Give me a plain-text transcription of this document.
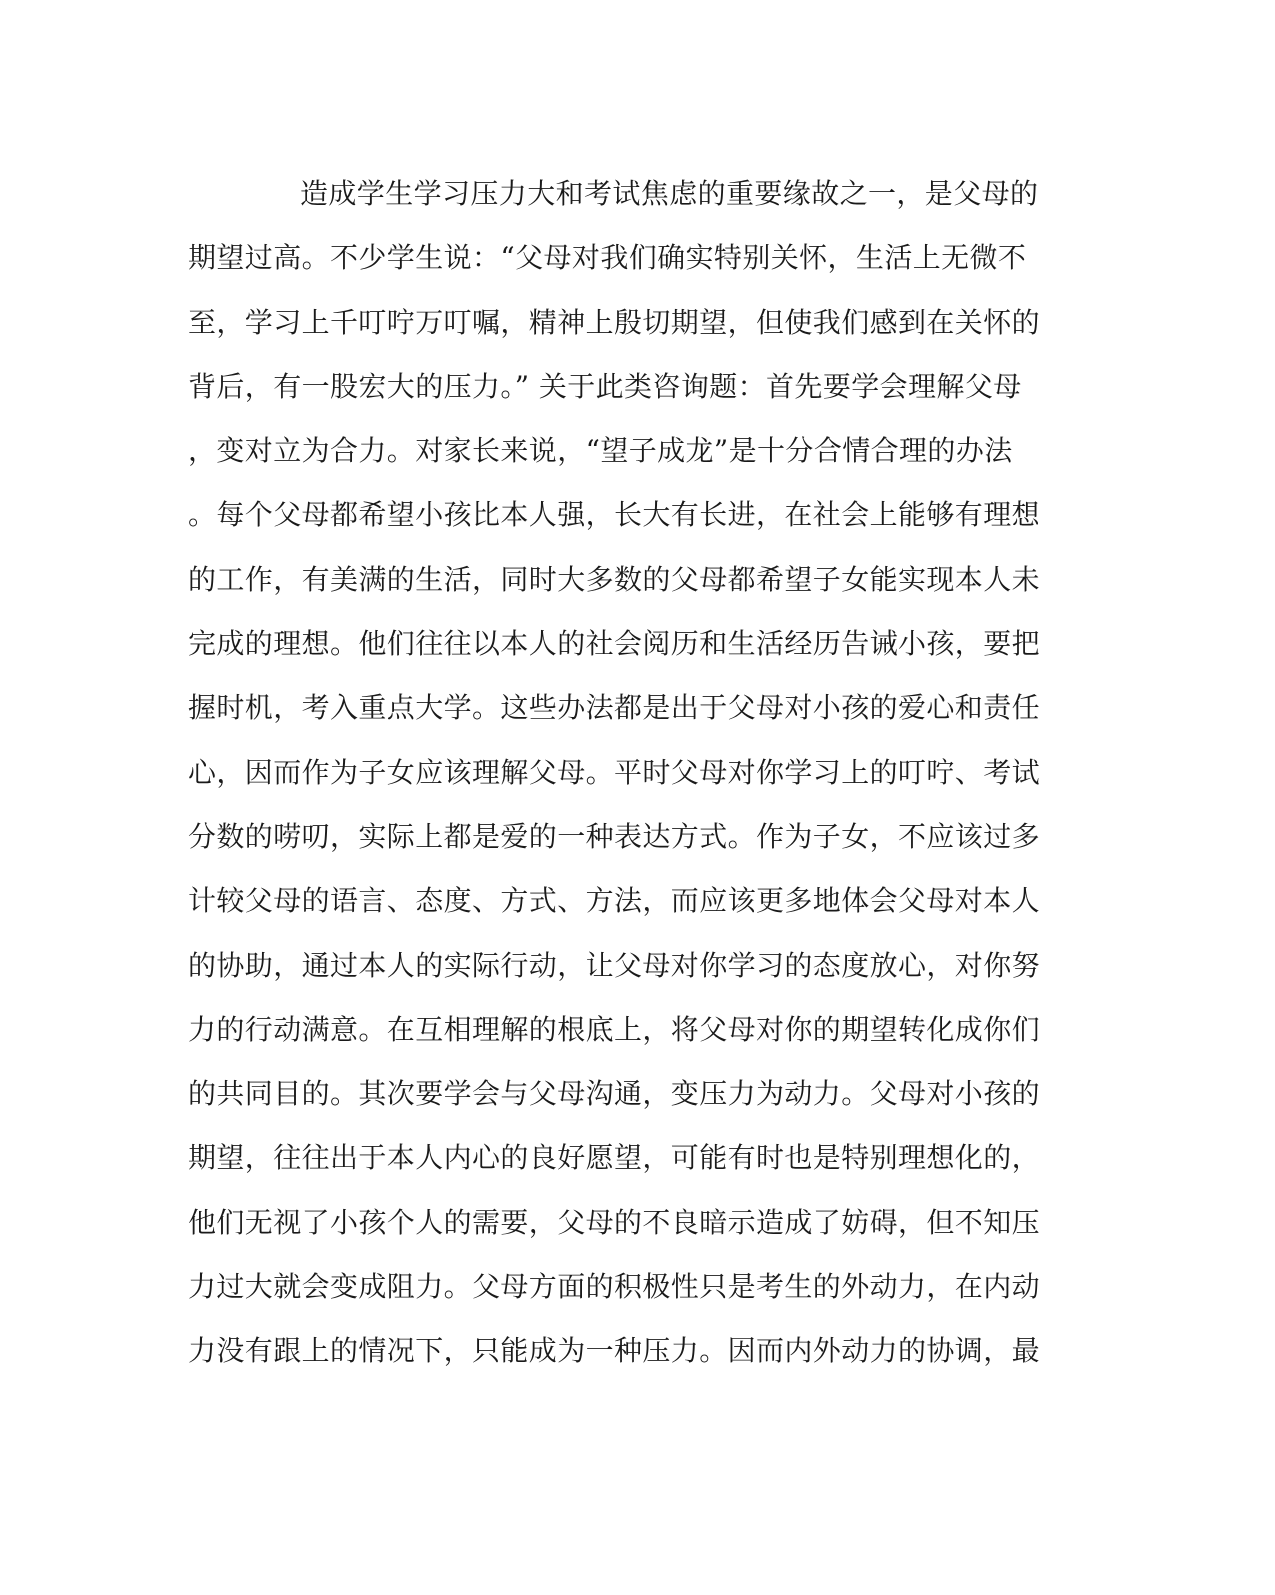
造成学生学习压力大和考试焦虑的重要缘故之一，是父母的
期望过高。不少学生说：“父母对我们确实特别关怀，生活上无微不
至，学习上千叮咛万叮嘱，精神上殷切期望，但使我们感到在关怀的
背后，有一股宏大的压力。” 关于此类咨询题：首先要学会理解父母
，变对立为合力。对家长来说，“望子成龙”是十分合情合理的办法
。每个父母都希望小孩比本人强，长大有长进，在社会上能够有理想
的工作，有美满的生活，同时大多数的父母都希望子女能实现本人未
完成的理想。他们往往以本人的社会阅历和生活经历告诫小孩，要把
握时机，考入重点大学。这些办法都是出于父母对小孩的爱心和责任
心，因而作为子女应该理解父母。平时父母对你学习上的叮咛、考试
分数的唠叨，实际上都是爱的一种表达方式。作为子女，不应该过多
计较父母的语言、态度、方式、方法，而应该更多地体会父母对本人
的协助，通过本人的实际行动，让父母对你学习的态度放心，对你努
力的行动满意。在互相理解的根底上，将父母对你的期望转化成你们
的共同目的。其次要学会与父母沟通，变压力为动力。父母对小孩的
期望，往往出于本人内心的良好愿望，可能有时也是特别理想化的，
他们无视了小孩个人的需要，父母的不良暗示造成了妨碍，但不知压
力过大就会变成阻力。父母方面的积极性只是考生的外动力，在内动
力没有跟上的情况下，只能成为一种压力。因而内外动力的协调，最
